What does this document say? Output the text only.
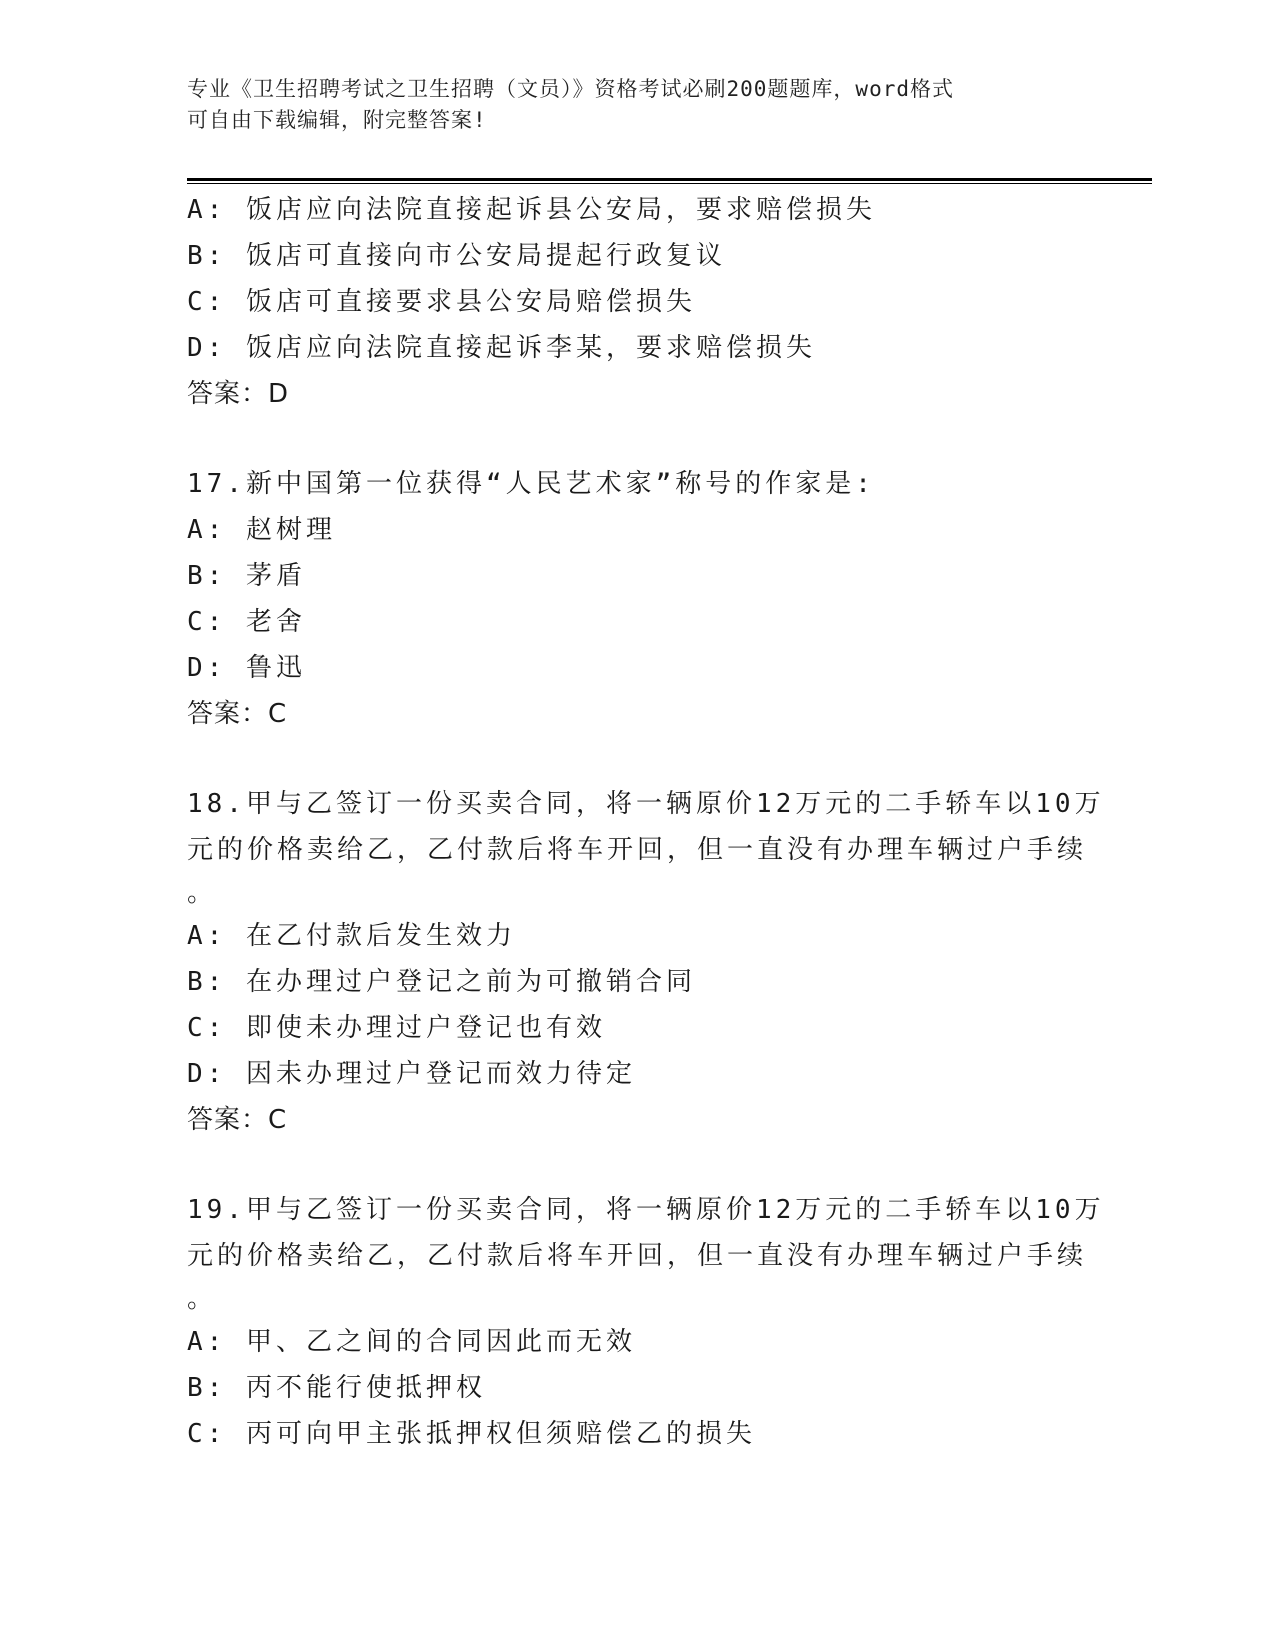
专业《卫生招聘考试之卫生招聘（文员）》资格考试必刷200题题库，word格式
可自由下载编辑，附完整答案!
A: 饭店应向法院直接起诉县公安局，要求赔偿损失
B: 饭店可直接向市公安局提起行政复议
C: 饭店可直接要求县公安局赔偿损失
D: 饭店应向法院直接起诉李某，要求赔偿损失
答案：D
17.新中国第一位获得“人民艺术家”称号的作家是:
A: 赵树理
B: 茅盾
C: 老舍
D: 鲁迅
答案：C
18.甲与乙签订一份买卖合同，将一辆原价12万元的二手轿车以10万
元的价格卖给乙，乙付款后将车开回，但一直没有办理车辆过户手续
。
A: 在乙付款后发生效力
B: 在办理过户登记之前为可撤销合同
C: 即使未办理过户登记也有效
D: 因未办理过户登记而效力待定
答案：C
19.甲与乙签订一份买卖合同，将一辆原价12万元的二手轿车以10万
元的价格卖给乙，乙付款后将车开回，但一直没有办理车辆过户手续
。
A: 甲、乙之间的合同因此而无效
B: 丙不能行使抵押权
C: 丙可向甲主张抵押权但须赔偿乙的损失
